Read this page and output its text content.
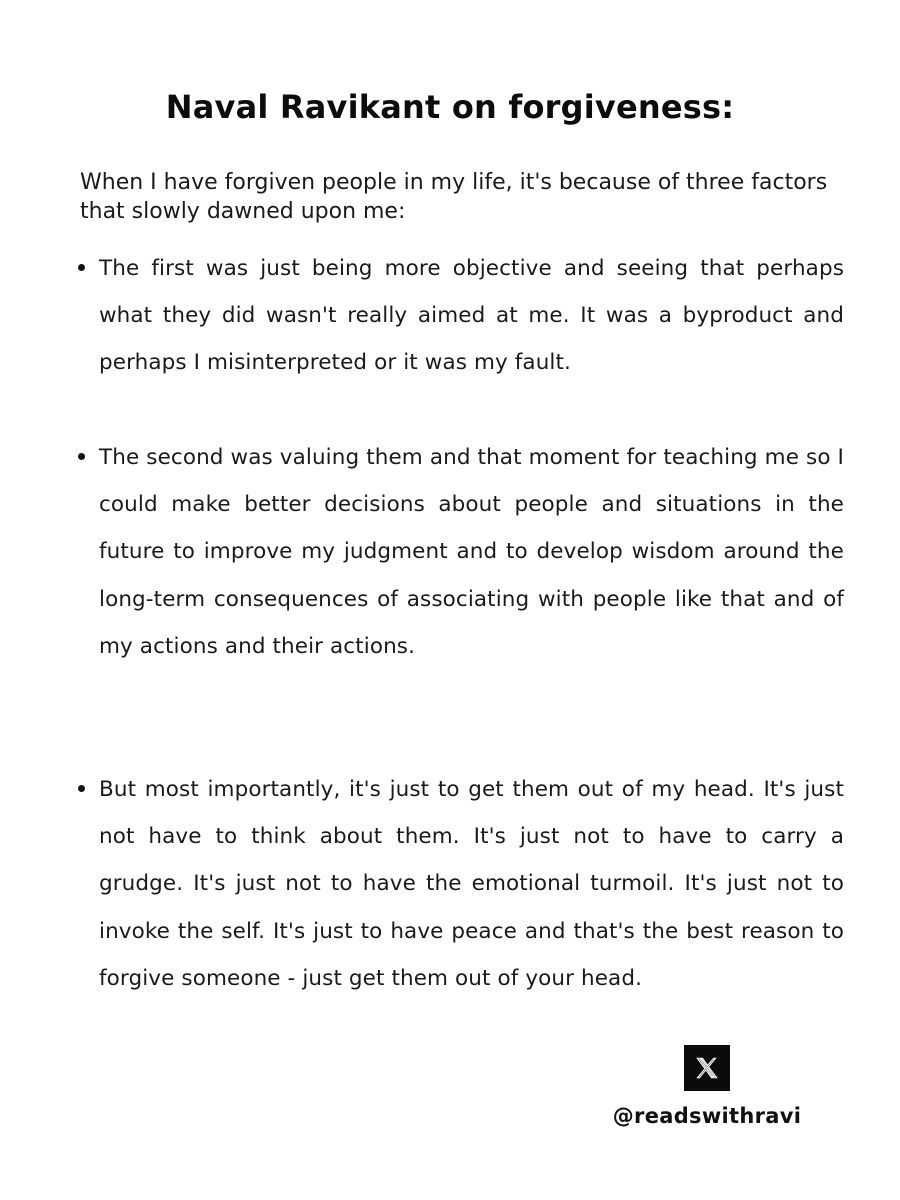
Naval Ravikant on forgiveness:

When I have forgiven people in my life, it's because of three factors that slowly dawned upon me:

The first was just being more objective and seeing that perhaps what they did wasn't really aimed at me. It was a byproduct and perhaps I misinterpreted or it was my fault.
The second was valuing them and that moment for teaching me so I could make better decisions about people and situations in the future to improve my judgment and to develop wisdom around the long-term consequences of associating with people like that and of my actions and their actions.
But most importantly, it's just to get them out of my head. It's just not have to think about them. It's just not to have to carry a grudge. It's just not to have the emotional turmoil. It's just not to invoke the self. It's just to have peace and that's the best reason to forgive someone - just get them out of your head.
@readswithravi
